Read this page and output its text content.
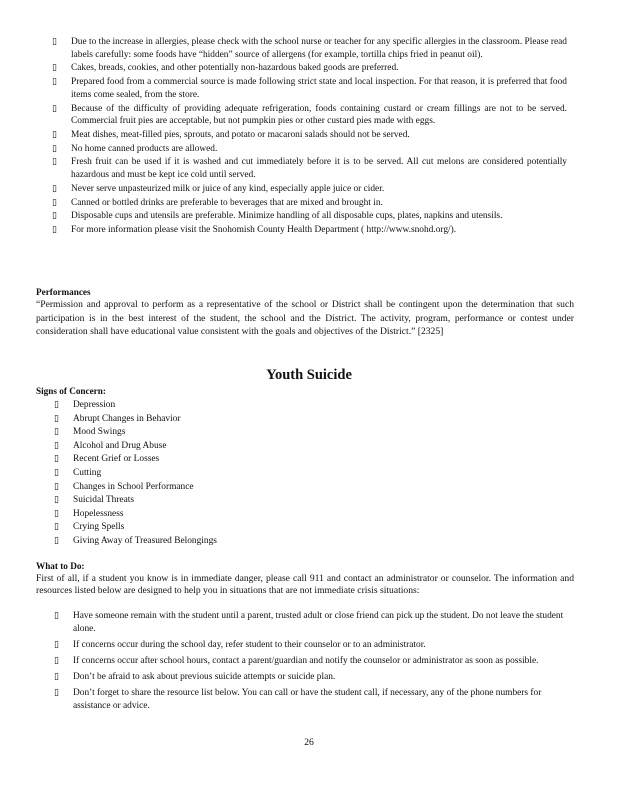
▯ Due to the increase in allergies, please check with the school nurse or teacher for any specific allergies in the classroom. Please read labels carefully: some foods have “hidden” source of allergens (for example, tortilla chips fried in peanut oil).
▯ Cakes, breads, cookies, and other potentially non-hazardous baked goods are preferred.
▯ Prepared food from a commercial source is made following strict state and local inspection. For that reason, it is preferred that food items come sealed, from the store.
▯ Because of the difficulty of providing adequate refrigeration, foods containing custard or cream fillings are not to be served. Commercial fruit pies are acceptable, but not pumpkin pies or other custard pies made with eggs.
▯ Meat dishes, meat-filled pies, sprouts, and potato or macaroni salads should not be served.
▯ No home canned products are allowed.
▯ Fresh fruit can be used if it is washed and cut immediately before it is to be served. All cut melons are considered potentially hazardous and must be kept ice cold until served.
▯ Never serve unpasteurized milk or juice of any kind, especially apple juice or cider.
▯ Canned or bottled drinks are preferable to beverages that are mixed and brought in.
▯ Disposable cups and utensils are preferable. Minimize handling of all disposable cups, plates, napkins and utensils.
▯ For more information please visit the Snohomish County Health Department ( http://www.snohd.org/).
Performances

“Permission and approval to perform as a representative of the school or District shall be contingent upon the determination that such participation is in the best interest of the student, the school and the District. The activity, program, performance or contest under consideration shall have educational value consistent with the goals and objectives of the District.” [2325]

Youth Suicide
Signs of Concern:
▯ Depression
▯ Abrupt Changes in Behavior
▯ Mood Swings
▯ Alcohol and Drug Abuse
▯ Recent Grief or Losses
▯ Cutting
▯ Changes in School Performance
▯ Suicidal Threats
▯ Hopelessness
▯ Crying Spells
▯ Giving Away of Treasured Belongings
What to Do:

First of all, if a student you know is in immediate danger, please call 911 and contact an administrator or counselor. The information and resources listed below are designed to help you in situations that are not immediate crisis situations:

▯ Have someone remain with the student until a parent, trusted adult or close friend can pick up the student. Do not leave the student alone.
▯ If concerns occur during the school day, refer student to their counselor or to an administrator.
▯ If concerns occur after school hours, contact a parent/guardian and notify the counselor or administrator as soon as possible.
▯ Don’t be afraid to ask about previous suicide attempts or suicide plan.
▯ Don’t forget to share the resource list below. You can call or have the student call, if necessary, any of the phone numbers for assistance or advice.
26
